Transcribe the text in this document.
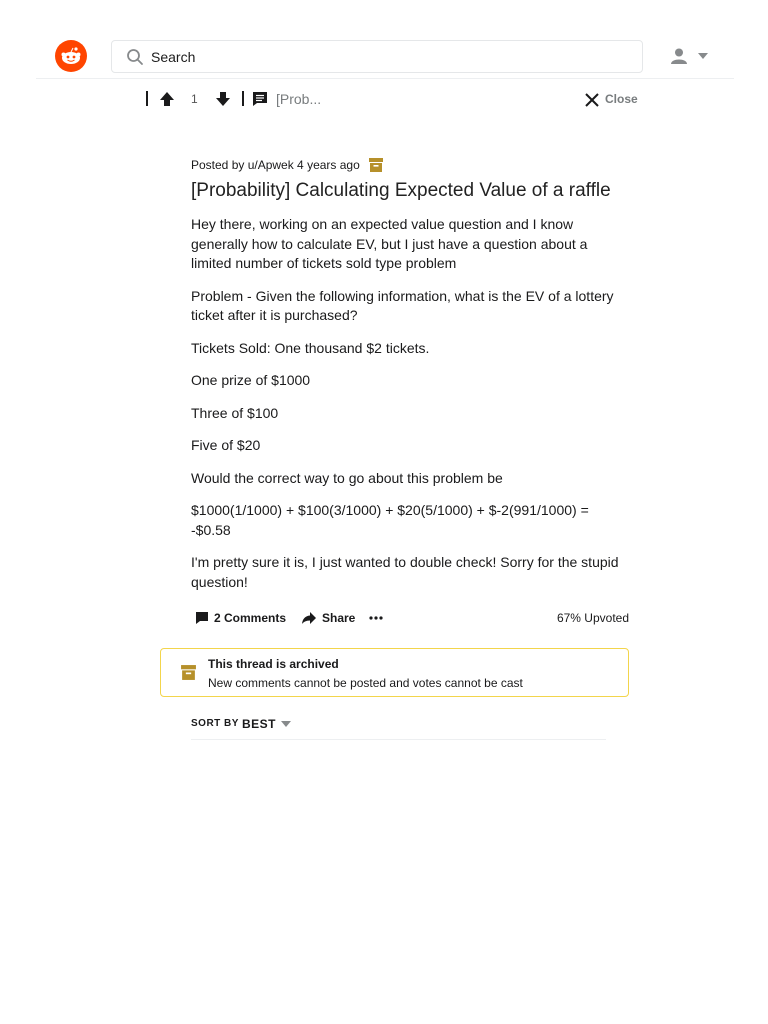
Search
1	[Prob...	Close
Posted by u/Apwek 4 years ago
[Probability] Calculating Expected Value of a raffle

Hey there, working on an expected value question and I know generally how to calculate EV, but I just have a question about a limited number of tickets sold type problem

Problem - Given the following information, what is the EV of a lottery ticket after it is purchased?

Tickets Sold: One thousand $2 tickets.

One prize of $1000

Three of $100

Five of $20

Would the correct way to go about this problem be

$1000(1/1000) + $100(3/1000) + $20(5/1000) + $-2(991/1000) = -$0.58

I'm pretty sure it is, I just wanted to double check! Sorry for the stupid question!

2 Comments	Share	67% Upvoted
This thread is archived
New comments cannot be posted and votes cannot be cast
SORT BY BEST
